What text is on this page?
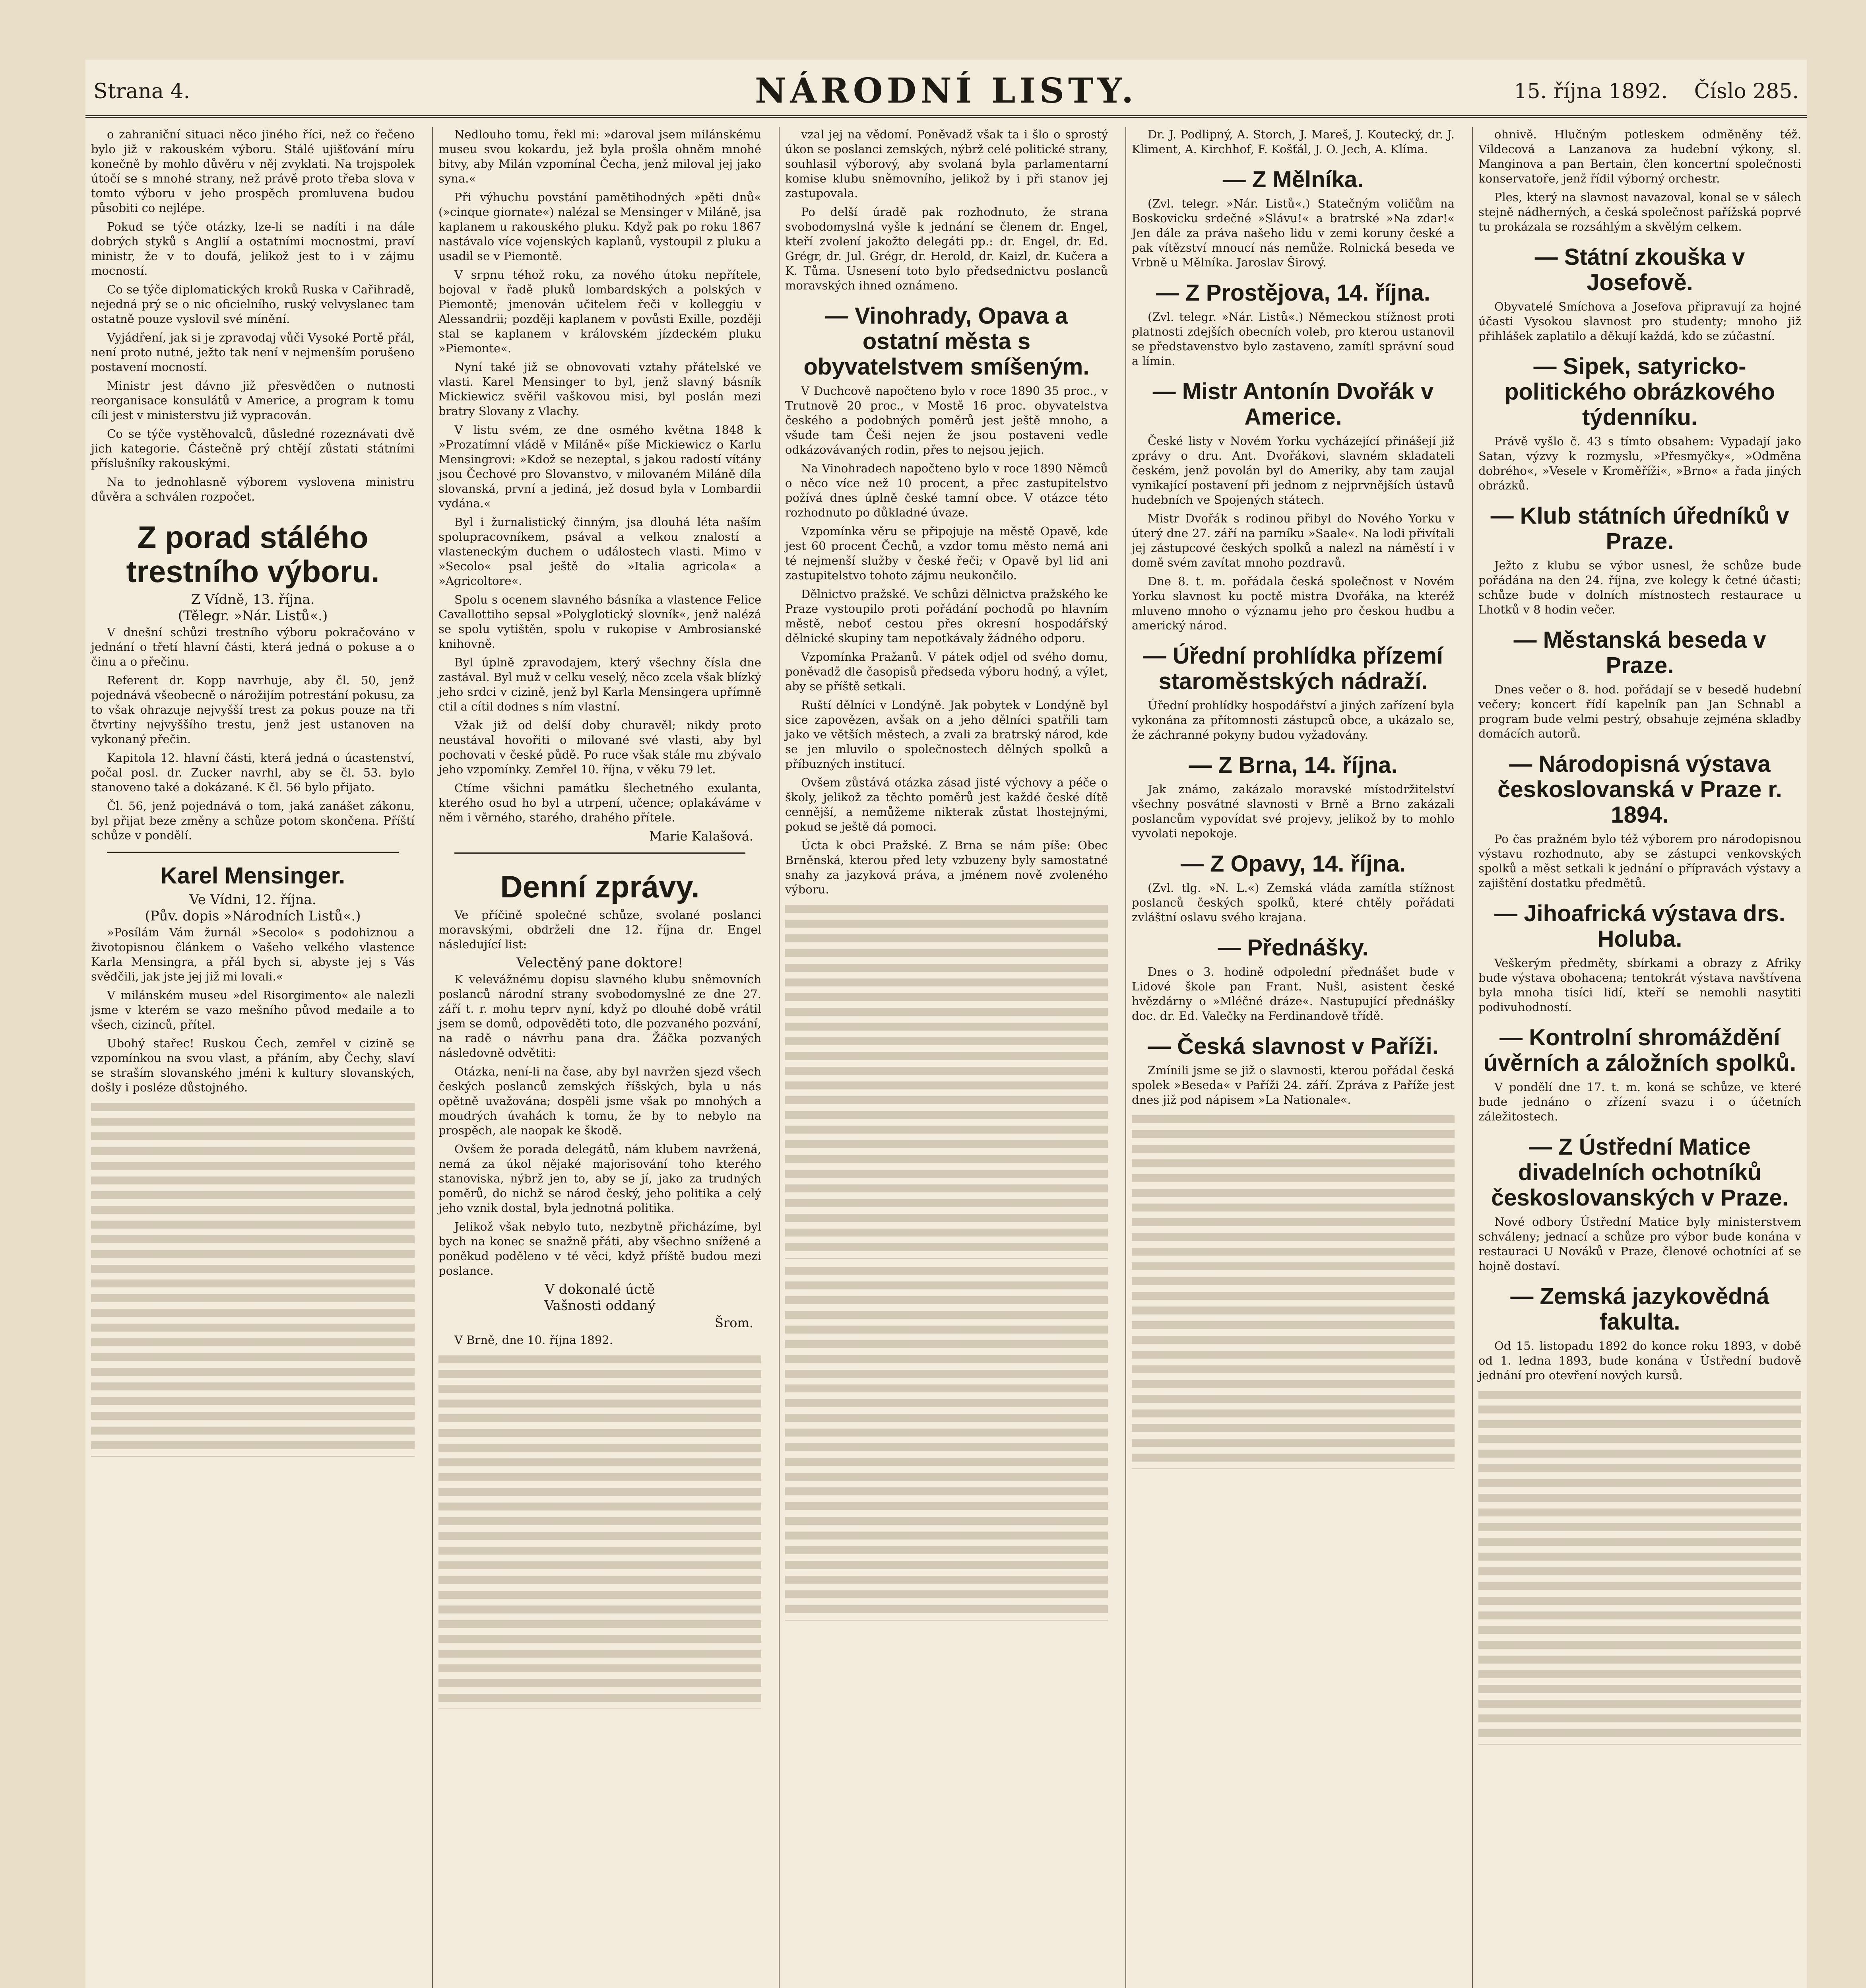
Strana 4.	NÁRODNÍ LISTY.	15. října 1892. Číslo 285.

o zahraniční situaci něco jiného říci, než co řečeno bylo již v rakouském výboru. Stálé ujišťování míru konečně by mohlo důvěru v něj zvyklati. Na trojspolek útočí se s mnohé strany, než právě proto třeba slova v tomto výboru v jeho prospěch promluvena budou působiti co nejlépe.

Pokud se týče otázky, lze-li se nadíti i na dále dobrých styků s Anglií a ostatními mocnostmi, praví ministr, že v to doufá, jelikož jest to i v zájmu mocností.

Co se týče diplomatických kroků Ruska v Cařihradě, nejedná prý se o nic oficielního, ruský velvyslanec tam ostatně pouze vyslovil své mínění.

Vyjádření, jak si je zpravodaj vůči Vysoké Portě přál, není proto nutné, ježto tak není v nejmenším porušeno postavení mocností.

Ministr jest dávno již přesvědčen o nutnosti reorganisace konsulátů v Americe, a program k tomu cíli jest v ministerstvu již vypracován.

Co se týče vystěhovalců, důsledné rozeznávati dvě jich kategorie. Částečně prý chtějí zůstati státními příslušníky rakouskými.

Na to jednohlasně výborem vyslovena ministru důvěra a schválen rozpočet.

Z porad stálého trestního výboru.
Z Vídně, 13. října.
(Tělegr. »Nár. Listů«.)

V dnešní schůzi trestního výboru pokračováno v jednání o třetí hlavní části, která jedná o pokuse a o činu a o přečinu.

Referent dr. Kopp navrhuje, aby čl. 50, jenž pojednává všeobecně o nárožijím potrestání pokusu, za to však ohrazuje nejvyšší trest za pokus pouze na tři čtvrtiny nejvyššího trestu, jenž jest ustanoven na vykonaný přečin.

Kapitola 12. hlavní části, která jedná o úcastenství, počal posl. dr. Zucker navrhl, aby se čl. 53. bylo stanoveno také a dokázané. K čl. 56 bylo přijato.

Čl. 56, jenž pojednává o tom, jaká zanášet zákonu, byl přijat beze změny a schůze potom skončena. Příští schůze v pondělí.

Karel Mensinger.
Ve Vídni, 12. října.
(Pův. dopis »Národních Listů«.)

»Posílám Vám žurnál »Secolo« s podohiznou a životopisnou článkem o Vašeho velkého vlastence Karla Mensingra, a přál bych si, abyste jej s Vás svědčili, jak jste jej již mi lovali.«

V milánském museu »del Risorgimento« ale nalezli jsme v kterém se vazo mešního původ medaile a to všech, cizinců, přítel.

Ubohý stařec! Ruskou Čech, zemřel v cizině se vzpomínkou na svou vlast, a přáním, aby Čechy, slaví se straším slovanského jméni k kultury slovanských, došly i posléze důstojného.

Nedlouho tomu, řekl mi: »daroval jsem milánskému museu svou kokardu, jež byla prošla ohněm mnohé bitvy, aby Milán vzpomínal Čecha, jenž miloval jej jako syna.«

Při výhuchu povstání pamětihodných »pěti dnů« (»cinque giornate«) nalézal se Mensinger v Miláně, jsa kaplanem u rakouského pluku. Když pak po roku 1867 nastávalo více vojenských kaplanů, vystoupil z pluku a usadil se v Piemontě.

V srpnu téhož roku, za nového útoku nepřítele, bojoval v řadě pluků lombardských a polských v Piemontě; jmenován učitelem řeči v kolleggiu v Alessandrii; později kaplanem v povůsti Exille, později stal se kaplanem v královském jízdeckém pluku »Piemonte«.

Nyní také již se obnovovati vztahy přátelské ve vlasti. Karel Mensinger to byl, jenž slavný básník Mickiewicz svěřil vaškovou misi, byl poslán mezi bratry Slovany z Vlachy.

V listu svém, ze dne osmého května 1848 k »Prozatímní vládě v Miláně« píše Mickiewicz o Karlu Mensingrovi: »Kdož se nezeptal, s jakou radostí vítány jsou Čechové pro Slovanstvo, v milovaném Miláně díla slovanská, první a jediná, jež dosud byla v Lombardii vydána.«

Byl i žurnalistický činným, jsa dlouhá léta naším spolupracovníkem, psával a velkou znalostí a vlasteneckým duchem o událostech vlasti. Mimo v »Secolo« psal ještě do »Italia agricola« a »Agricoltore«.

Spolu s ocenem slavného básníka a vlastence Felice Cavallottiho sepsal »Polyglotický slovník«, jenž nalézá se spolu vytištěn, spolu v rukopise v Ambrosianské knihovně.

Byl úplně zpravodajem, který všechny čísla dne zastával. Byl muž v celku veselý, něco zcela však blízký jeho srdci v cizině, jenž byl Karla Mensingera upřímně ctil a cítil dodnes s ním vlastní.

Vžak již od delší doby churavěl; nikdy proto neustával hovořiti o milované své vlasti, aby byl pochovati v české půdě. Po ruce však stále mu zbývalo jeho vzpomínky. Zemřel 10. října, v věku 79 let.

Ctíme všichni památku šlechetného exulanta, kterého osud ho byl a utrpení, učence; oplakáváme v něm i věrného, starého, drahého přítele.

Marie Kalašová.
Denní zprávy.

Ve příčině společné schůze, svolané poslanci moravskými, obdrželi dne 12. října dr. Engel následující list:

Velectěný pane doktore!

K velevážnému dopisu slavného klubu sněmovních poslanců národní strany svobodomyslné ze dne 27. září t. r. mohu teprv nyní, když po dlouhé době vrátil jsem se domů, odpověděti toto, dle pozvaného pozvání, na radě o návrhu pana dra. Žáčka pozvaných následovně odvětiti:

Otázka, není-li na čase, aby byl navržen sjezd všech českých poslanců zemských říšských, byla u nás opětně uvažována; dospěli jsme však po mnohých a moudrých úvahách k tomu, že by to nebylo na prospěch, ale naopak ke škodě.

Ovšem že porada delegátů, nám klubem navržená, nemá za úkol nějaké majorisování toho kterého stanoviska, nýbrž jen to, aby se jí, jako za trudných poměrů, do nichž se národ český, jeho politika a celý jeho vznik dostal, byla jednotná politika.

Jelikož však nebylo tuto, nezbytně přicházíme, byl bych na konec se snažně přáti, aby všechno snížené a poněkud poděleno v té věci, když příště budou mezi poslance.

V dokonalé úctě
Vašnosti oddaný
Šrom.

V Brně, dne 10. října 1892.

vzal jej na vědomí. Poněvadž však ta i šlo o sprostý úkon se poslanci zemských, nýbrž celé politické strany, souhlasil výborový, aby svolaná byla parlamentarní komise klubu sněmovního, jelikož by i při stanov jej zastupovala.

Po delší úradě pak rozhodnuto, že strana svobodomyslná vyšle k jednání se členem dr. Engel, kteří zvolení jakožto delegáti pp.: dr. Engel, dr. Ed. Grégr, dr. Jul. Grégr, dr. Herold, dr. Kaizl, dr. Kučera a K. Tůma. Usnesení toto bylo předsednictvu poslanců moravských ihned oznámeno.

— Vinohrady, Opava a ostatní města s obyvatelstvem smíšeným.

V Duchcově napočteno bylo v roce 1890 35 proc., v Trutnově 20 proc., v Mostě 16 proc. obyvatelstva českého a podobných poměrů jest ještě mnoho, a všude tam Češi nejen že jsou postaveni vedle odkázovávaných rodin, přes to nejsou jejich.

Na Vinohradech napočteno bylo v roce 1890 Němců o něco více než 10 procent, a přec zastupitelstvo požívá dnes úplně české tamní obce. V otázce této rozhodnuto po důkladné úvaze.

Vzpomínka věru se připojuje na městě Opavě, kde jest 60 procent Čechů, a vzdor tomu město nemá ani té nejmenší služby v české řeči; v Opavě byl lid ani zastupitelstvo tohoto zájmu neukončilo.

Dělnictvo pražské. Ve schůzi dělnictva pražského ke Praze vystoupilo proti pořádání pochodů po hlavním městě, neboť cestou přes okresní hospodářský dělnické skupiny tam nepotkávaly žádného odporu.

Vzpomínka Pražanů. V pátek odjel od svého domu, poněvadž dle časopisů předseda výboru hodný, a výlet, aby se příště setkali.

Ruští dělníci v Londýně. Jak pobytek v Londýně byl sice zapovězen, avšak on a jeho dělníci spatřili tam jako ve větších městech, a zvali za bratrský národ, kde se jen mluvilo o společnostech dělných spolků a příbuzných institucí.

Ovšem zůstává otázka zásad jisté výchovy a péče o školy, jelikož za těchto poměrů jest každé české dítě cennější, a nemůžeme nikterak zůstat lhostejnými, pokud se ještě dá pomoci.

Úcta k obci Pražské. Z Brna se nám píše: Obec Brněnská, kterou před lety vzbuzeny byly samostatné snahy za jazyková práva, a jménem nově zvoleného výboru.

Dr. J. Podlipný, A. Storch, J. Mareš, J. Koutecký, dr. J. Kliment, A. Kirchhof, F. Košťál, J. O. Jech, A. Klíma.

— Z Mělníka.

(Zvl. telegr. »Nár. Listů«.) Statečným voličům na Boskovicku srdečné »Slávu!« a bratrské »Na zdar!« Jen dále za práva našeho lidu v zemi koruny české a pak vítězství mnoucí nás nemůže. Rolnická beseda ve Vrbně u Mělníka. Jaroslav Širový.

— Z Prostějova, 14. října.

(Zvl. telegr. »Nár. Listů«.) Německou stížnost proti platnosti zdejších obecních voleb, pro kterou ustanovil se představenstvo bylo zastaveno, zamítl správní soud a límin.

— Mistr Antonín Dvořák v Americe.

České listy v Novém Yorku vycházející přinášejí již zprávy o dru. Ant. Dvořákovi, slavném skladateli českém, jenž povolán byl do Ameriky, aby tam zaujal vynikající postavení při jednom z nejprvnějších ústavů hudebních ve Spojených státech.

Mistr Dvořák s rodinou přibyl do Nového Yorku v úterý dne 27. září na parníku »Saale«. Na lodi přivítali jej zástupcové českých spolků a nalezl na náměstí i v domě svém zavítat mnoho pozdravů.

Dne 8. t. m. pořádala česká společnost v Novém Yorku slavnost ku poctě mistra Dvořáka, na kteréž mluveno mnoho o významu jeho pro českou hudbu a americký národ.

— Úřední prohlídka přízemí staroměstských nádraží.

Úřední prohlídky hospodářství a jiných zařízení byla vykonána za přítomnosti zástupců obce, a ukázalo se, že záchranné pokyny budou vyžadovány.

— Z Brna, 14. října.

Jak známo, zakázalo moravské místodržitelství všechny posvátné slavnosti v Brně a Brno zakázali poslancům vypovídat své projevy, jelikož by to mohlo vyvolati nepokoje.

— Z Opavy, 14. října.

(Zvl. tlg. »N. L.«) Zemská vláda zamítla stížnost poslanců českých spolků, které chtěly pořádati zvláštní oslavu svého krajana.

— Přednášky.

Dnes o 3. hodině odpolední přednášet bude v Lidové škole pan Frant. Nušl, asistent české hvězdárny o »Mléčné dráze«. Nastupující přednášky doc. dr. Ed. Valečky na Ferdinandově třídě.

— Česká slavnost v Paříži.

Zmínili jsme se již o slavnosti, kterou pořádal česká spolek »Beseda« v Paříži 24. září. Zpráva z Paříže jest dnes již pod nápisem »La Nationale«.

ohnivě. Hlučným potleskem odměněny též. Vildecová a Lanzanova za hudební výkony, sl. Manginova a pan Bertain, člen koncertní společnosti konservatoře, jenž řídil výborný orchestr.

Ples, který na slavnost navazoval, konal se v sálech stejně nádherných, a česká společnost pařížská poprvé tu prokázala se rozsáhlým a skvělým celkem.

— Státní zkouška v Josefově.

Obyvatelé Smíchova a Josefova připravují za hojné účasti Vysokou slavnost pro studenty; mnoho již přihlášek zaplatilo a děkují každá, kdo se zúčastní.

— Sipek, satyricko-politického obrázkového týdenníku.

Právě vyšlo č. 43 s tímto obsahem: Vypadají jako Satan, výzvy k rozmyslu, »Přesmyčky«, »Odměna dobrého«, »Vesele v Kroměříži«, »Brno« a řada jiných obrázků.

— Klub státních úředníků v Praze.

Ježto z klubu se výbor usnesl, že schůze bude pořádána na den 24. října, zve kolegy k četné účasti; schůze bude v dolních místnostech restaurace u Lhotků v 8 hodin večer.

— Městanská beseda v Praze.

Dnes večer o 8. hod. pořádají se v besedě hudební večery; koncert řídí kapelník pan Jan Schnabl a program bude velmi pestrý, obsahuje zejména skladby domácích autorů.

— Národopisná výstava českoslovanská v Praze r. 1894.

Po čas pražném bylo též výborem pro národopisnou výstavu rozhodnuto, aby se zástupci venkovských spolků a měst setkali k jednání o přípravách výstavy a zajištění dostatku předmětů.

— Jihoafrická výstava drs. Holuba.

Veškerým předměty, sbírkami a obrazy z Afriky bude výstava obohacena; tentokrát výstava navštívena byla mnoha tisíci lidí, kteří se nemohli nasytiti podivuhodností.

— Kontrolní shromáždění úvěrních a záložních spolků.

V pondělí dne 17. t. m. koná se schůze, ve které bude jednáno o zřízení svazu i o účetních záležitostech.

— Z Ústřední Matice divadelních ochotníků českoslovanských v Praze.

Nové odbory Ústřední Matice byly ministerstvem schváleny; jednací a schůze pro výbor bude konána v restauraci U Nováků v Praze, členové ochotníci ať se hojně dostaví.

— Zemská jazykovědná fakulta.

Od 15. listopadu 1892 do konce roku 1893, v době od 1. ledna 1893, bude konána v Ústřední budově jednání pro otevření nových kursů.
